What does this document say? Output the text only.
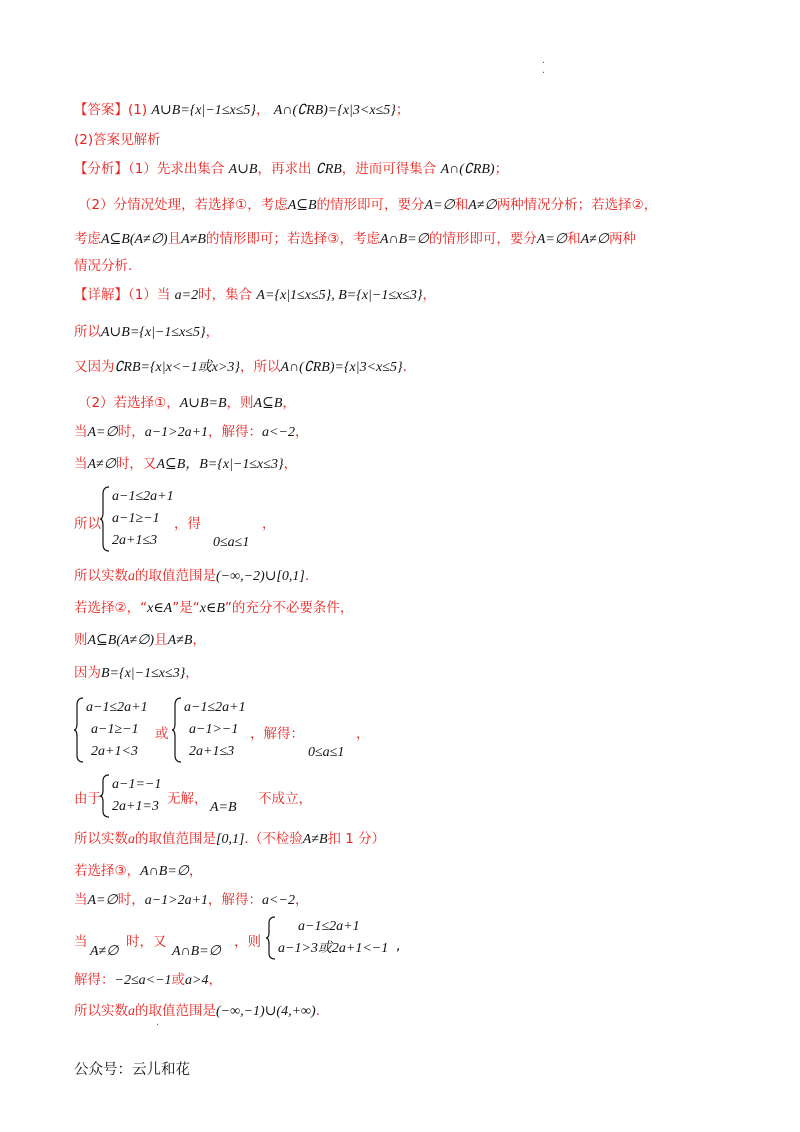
·
·
【答案】(1) A∪B={x|−1≤x≤5}， A∩(∁RB)={x|3<x≤5}；
(2)答案见解析
【分析】（1）先求出集合 A∪B，再求出 ∁RB，进而可得集合 A∩(∁RB)；
（2）分情况处理，若选择①，考虑A⊆B的情形即可，要分A=∅和A≠∅两种情况分析；若选择②，
考虑A⊆B(A≠∅)且A≠B的情形即可；若选择③，考虑A∩B=∅的情形即可，要分A=∅和A≠∅两种
情况分析.
【详解】（1）当 a=2时，集合 A={x|1≤x≤5}, B={x|−1≤x≤3}，
所以A∪B={x|−1≤x≤5}，
又因为∁RB={x|x<−1或x>3}，所以A∩(∁RB)={x|3<x≤5}.
（2）若选择①，A∪B=B，则A⊆B，
当A=∅时，a−1>2a+1，解得：a<−2，
当A≠∅时，又A⊆B，B={x|−1≤x≤3}，
所以
a−1≤2a+1
a−1≥−1
2a+1≤3
，得	，
0≤a≤1
所以实数a的取值范围是(−∞,−2)∪[0,1].
若选择②，“x∈A”是“x∈B”的充分不必要条件，
则A⊆B(A≠∅)且A≠B，
因为B={x|−1≤x≤3}，
a−1≤2a+1
a−1≥−1
2a+1<3
或
a−1≤2a+1
a−1>−1
2a+1≤3
，解得：	，
0≤a≤1
由于
a−1=−1
2a+1=3 无解，
A=B
不成立，
所以实数a的取值范围是[0,1].（不检验A≠B扣 1 分）
若选择③，A∩B=∅，
当A=∅时，a−1>2a+1，解得：a<−2，
当
A≠∅
时，又
A∩B=∅
，则
a−1≤2a+1
a−1>3或2a+1<−1 ,
解得：−2≤a<−1或a>4，
所以实数a的取值范围是(−∞,−1)∪(4,+∞).
·
公众号：云儿和花
